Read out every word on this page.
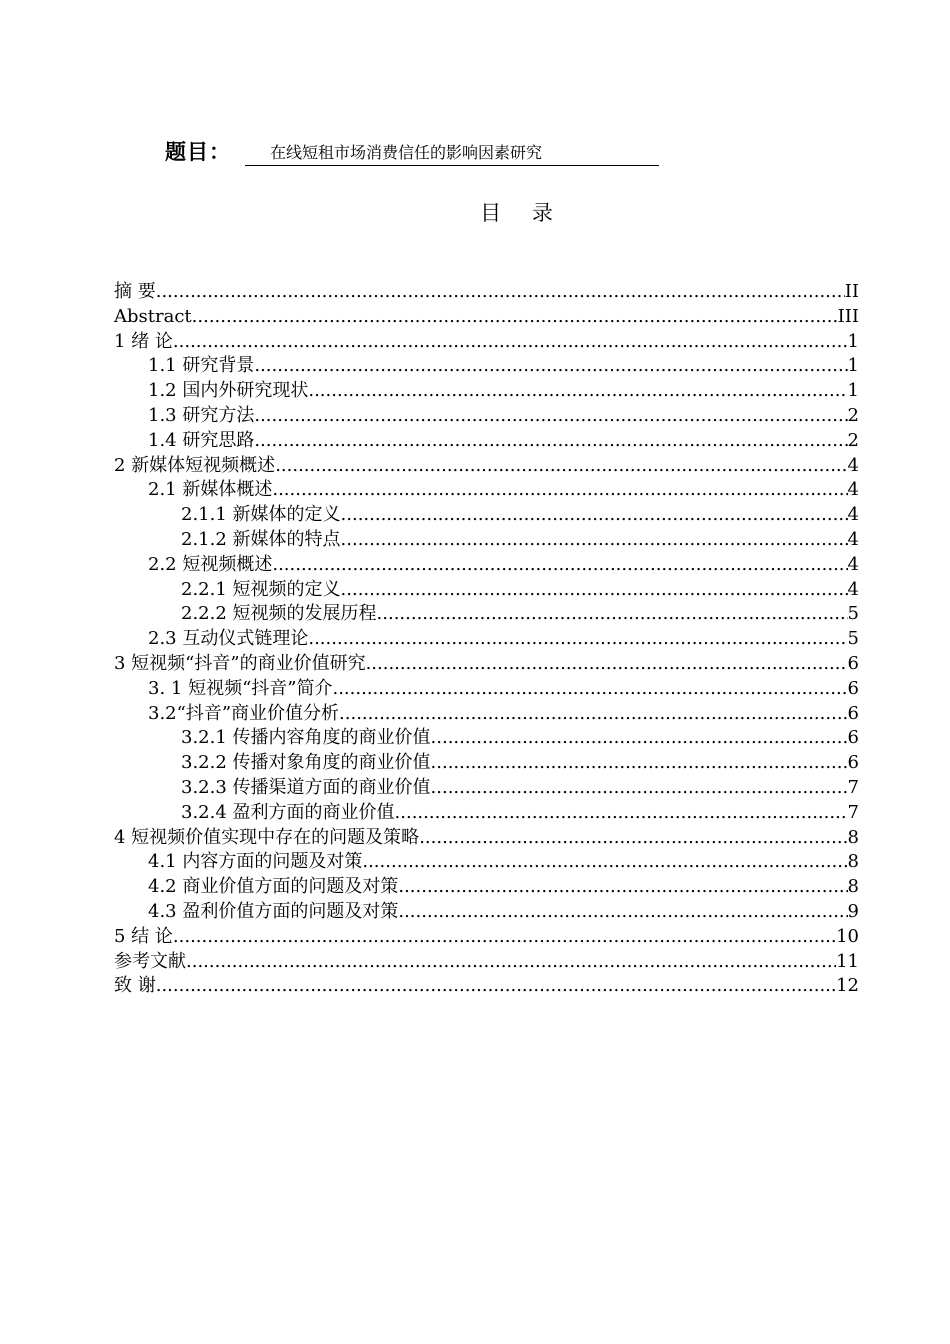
题目：	在线短租市场消费信任的影响因素研究
目 录
摘 要 .....	II
Abstract .....	III
1 绪 论 .....	1
1.1 研究背景 .....	1
1.2 国内外研究现状 .....	1
1.3 研究方法 .....	2
1.4 研究思路 .....	2
2 新媒体短视频概述 .....	4
2.1 新媒体概述 .....	4
2.1.1 新媒体的定义 .....	4
2.1.2 新媒体的特点 .....	4
2.2 短视频概述 .....	4
2.2.1 短视频的定义 .....	4
2.2.2 短视频的发展历程 .....	5
2.3 互动仪式链理论 .....	5
3 短视频“抖音”的商业价值研究 .....	6
3. 1 短视频“抖音”简介 .....	6
3.2“抖音”商业价值分析 .....	6
3.2.1 传播内容角度的商业价值 .....	6
3.2.2 传播对象角度的商业价值 .....	6
3.2.3 传播渠道方面的商业价值 .....	7
3.2.4 盈利方面的商业价值 .....	7
4 短视频价值实现中存在的问题及策略 .....	8
4.1 内容方面的问题及对策 .....	8
4.2 商业价值方面的问题及对策 .....	8
4.3 盈利价值方面的问题及对策 .....	9
5 结 论 .....	10
参考文献 .....	11
致 谢 .....	12
